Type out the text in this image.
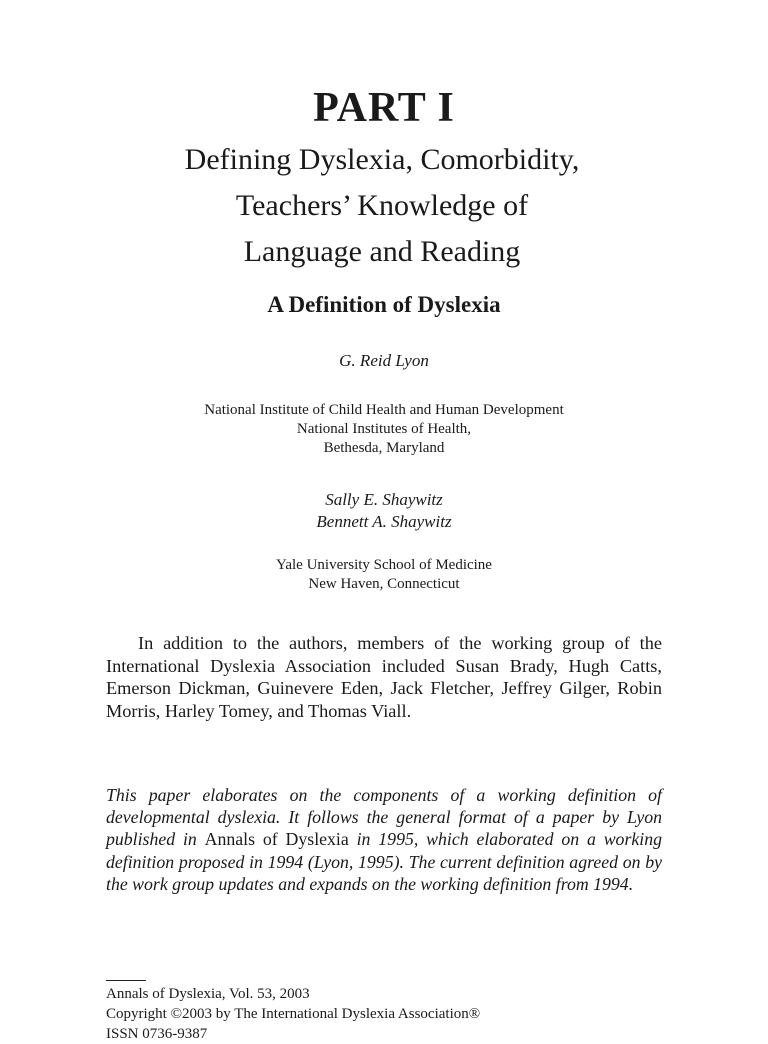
PART I
Defining Dyslexia, Comorbidity,
Teachers’ Knowledge of
Language and Reading
A Definition of Dyslexia
G. Reid Lyon
National Institute of Child Health and Human Development
National Institutes of Health,
Bethesda, Maryland
Sally E. Shaywitz
Bennett A. Shaywitz
Yale University School of Medicine
New Haven, Connecticut

In addition to the authors, members of the working group of the International Dyslexia Association included Susan Brady, Hugh Catts, Emerson Dickman, Guinevere Eden, Jack Fletcher, Jeffrey Gilger, Robin Morris, Harley Tomey, and Thomas Viall.

This paper elaborates on the components of a working definition of developmental dyslexia. It follows the general format of a paper by Lyon published in Annals of Dyslexia in 1995, which elaborated on a working definition proposed in 1994 (Lyon, 1995). The current definition agreed on by the work group updates and expands on the working definition from 1994.

Annals of Dyslexia, Vol. 53, 2003
Copyright ©2003 by The International Dyslexia Association®
ISSN 0736-9387
